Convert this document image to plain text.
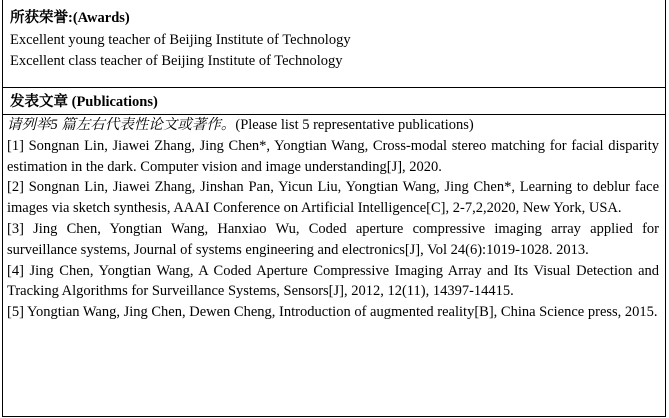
所获荣誉:(Awards)
Excellent young teacher of Beijing Institute of Technology
Excellent class teacher of Beijing Institute of Technology
发表文章 (Publications)
请列举5 篇左右代表性论文或著作。(Please list 5 representative publications)

[1] Songnan Lin, Jiawei Zhang, Jing Chen*, Yongtian Wang, Cross-modal stereo matching for facial disparity estimation in the dark. Computer vision and image understanding[J], 2020.

[2] Songnan Lin, Jiawei Zhang, Jinshan Pan, Yicun Liu, Yongtian Wang, Jing Chen*, Learning to deblur face images via sketch synthesis, AAAI Conference on Artificial Intelligence[C], 2-7,2,2020, New York, USA.

[3] Jing Chen, Yongtian Wang, Hanxiao Wu, Coded aperture compressive imaging array applied for surveillance systems, Journal of systems engineering and electronics[J], Vol 24(6):1019-1028. 2013.

[4] Jing Chen, Yongtian Wang, A Coded Aperture Compressive Imaging Array and Its Visual Detection and Tracking Algorithms for Surveillance Systems, Sensors[J], 2012, 12(11), 14397-14415.

[5] Yongtian Wang, Jing Chen, Dewen Cheng, Introduction of augmented reality[B], China Science press, 2015.
